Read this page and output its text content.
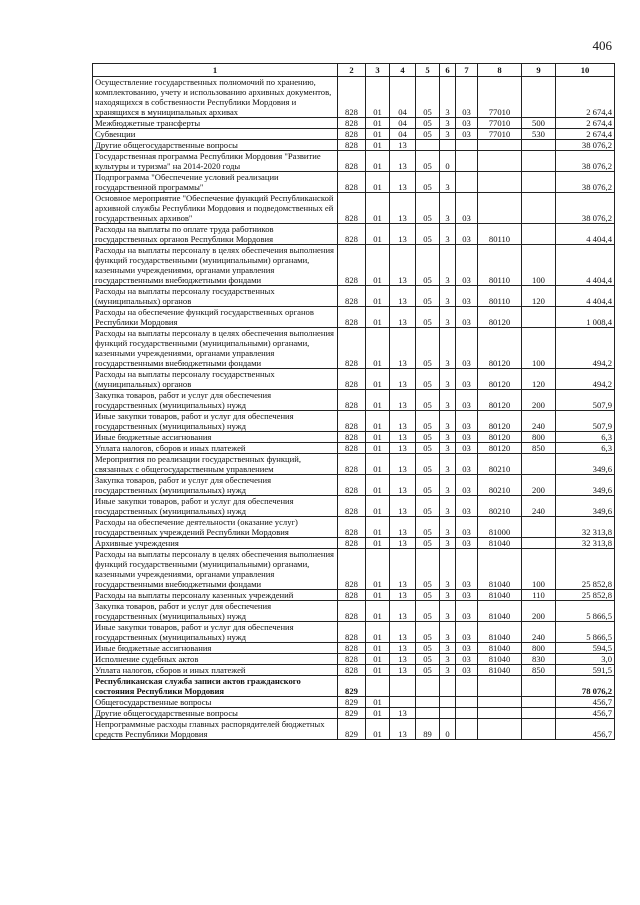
406
1	2	3	4	5	6	7	8	9	10
Осуществление государственных полномочий по хранению, комплектованию, учету и использованию архивных документов, находящихся в собственности Республики Мордовия и хранящихся в муниципальных архивах	828	01	04	05	3	03	77010		2 674,4
Межбюджетные трансферты	828	01	04	05	3	03	77010	500	2 674,4
Субвенции	828	01	04	05	3	03	77010	530	2 674,4
Другие общегосударственные вопросы	828	01	13						38 076,2
Государственная программа Республики Мордовия "Развитие культуры и туризма" на 2014-2020 годы	828	01	13	05	0				38 076,2
Подпрограмма "Обеспечение условий реализации государственной программы"	828	01	13	05	3				38 076,2
Основное мероприятие "Обеспечение функций Республиканской архивной службы Республики Мордовия и подведомственных ей государственных архивов"	828	01	13	05	3	03			38 076,2
Расходы на выплаты по оплате труда работников государственных органов Республики Мордовия	828	01	13	05	3	03	80110		4 404,4
Расходы на выплаты персоналу в целях обеспечения выполнения функций государственными (муниципальными) органами, казенными учреждениями, органами управления государственными внебюджетными фондами	828	01	13	05	3	03	80110	100	4 404,4
Расходы на выплаты персоналу государственных (муниципальных) органов	828	01	13	05	3	03	80110	120	4 404,4
Расходы на обеспечение функций государственных органов Республики Мордовия	828	01	13	05	3	03	80120		1 008,4
Расходы на выплаты персоналу в целях обеспечения выполнения функций государственными (муниципальными) органами, казенными учреждениями, органами управления государственными внебюджетными фондами	828	01	13	05	3	03	80120	100	494,2
Расходы на выплаты персоналу государственных (муниципальных) органов	828	01	13	05	3	03	80120	120	494,2
Закупка товаров, работ и услуг для обеспечения государственных (муниципальных) нужд	828	01	13	05	3	03	80120	200	507,9
Иные закупки товаров, работ и услуг для обеспечения государственных (муниципальных) нужд	828	01	13	05	3	03	80120	240	507,9
Иные бюджетные ассигнования	828	01	13	05	3	03	80120	800	6,3
Уплата налогов, сборов и иных платежей	828	01	13	05	3	03	80120	850	6,3
Мероприятия по реализации государственных функций, связанных с общегосударственным управлением	828	01	13	05	3	03	80210		349,6
Закупка товаров, работ и услуг для обеспечения государственных (муниципальных) нужд	828	01	13	05	3	03	80210	200	349,6
Иные закупки товаров, работ и услуг для обеспечения государственных (муниципальных) нужд	828	01	13	05	3	03	80210	240	349,6
Расходы на обеспечение деятельности (оказание услуг) государственных учреждений Республики Мордовия	828	01	13	05	3	03	81000		32 313,8
Архивные учреждения	828	01	13	05	3	03	81040		32 313,8
Расходы на выплаты персоналу в целях обеспечения выполнения функций государственными (муниципальными) органами, казенными учреждениями, органами управления государственными внебюджетными фондами	828	01	13	05	3	03	81040	100	25 852,8
Расходы на выплаты персоналу казенных учреждений	828	01	13	05	3	03	81040	110	25 852,8
Закупка товаров, работ и услуг для обеспечения государственных (муниципальных) нужд	828	01	13	05	3	03	81040	200	5 866,5
Иные закупки товаров, работ и услуг для обеспечения государственных (муниципальных) нужд	828	01	13	05	3	03	81040	240	5 866,5
Иные бюджетные ассигнования	828	01	13	05	3	03	81040	800	594,5
Исполнение судебных актов	828	01	13	05	3	03	81040	830	3,0
Уплата налогов, сборов и иных платежей	828	01	13	05	3	03	81040	850	591,5
Республиканская служба записи актов гражданского состояния Республики Мордовия	829								78 076,2
Общегосударственные вопросы	829	01							456,7
Другие общегосударственные вопросы	829	01	13						456,7
Непрограммные расходы главных распорядителей бюджетных средств Республики Мордовия	829	01	13	89	0				456,7
